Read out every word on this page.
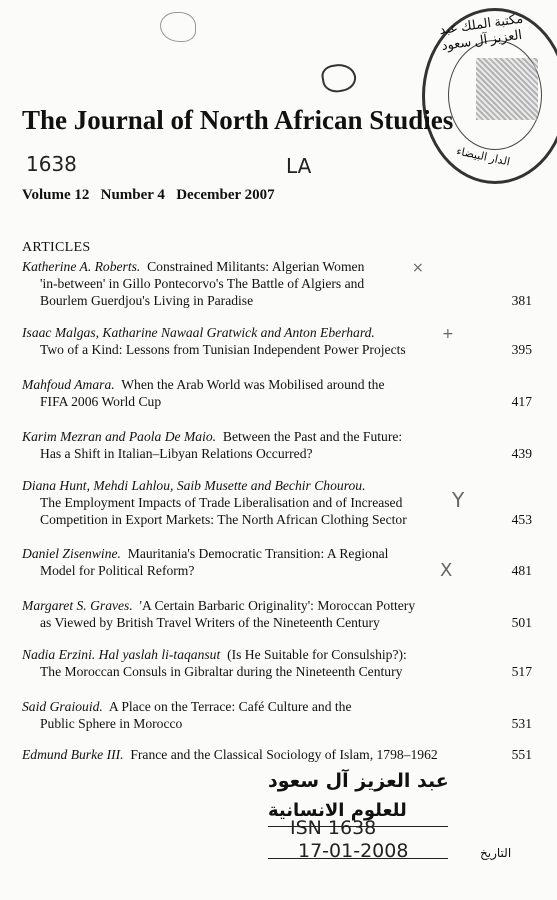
مكتبة الملك عبد العزيز آل سعود
الدار البيضاء
The Journal of North African Studies
1638	LA
Volume 12 Number 4 December 2007
ARTICLES
Katherine A. Roberts. Constrained Militants: Algerian Women
'in-between' in Gillo Pontecorvo's The Battle of Algiers and
Bourlem Guerdjou's Living in Paradise	381
Isaac Malgas, Katharine Nawaal Gratwick and Anton Eberhard.
Two of a Kind: Lessons from Tunisian Independent Power Projects	395
Mahfoud Amara. When the Arab World was Mobilised around the
FIFA 2006 World Cup	417
Karim Mezran and Paola De Maio. Between the Past and the Future:
Has a Shift in Italian–Libyan Relations Occurred?	439
Diana Hunt, Mehdi Lahlou, Saib Musette and Bechir Chourou.
The Employment Impacts of Trade Liberalisation and of Increased
Competition in Export Markets: The North African Clothing Sector	453
Daniel Zisenwine. Mauritania's Democratic Transition: A Regional
Model for Political Reform?	481
Margaret S. Graves. 'A Certain Barbaric Originality': Moroccan Pottery
as Viewed by British Travel Writers of the Nineteenth Century	501
Nadia Erzini. Hal yaslah li-taqansut (Is He Suitable for Consulship?):
The Moroccan Consuls in Gibraltar during the Nineteenth Century	517
Said Graiouid. A Place on the Terrace: Café Culture and the
Public Sphere in Morocco	531
Edmund Burke III. France and the Classical Sociology of Islam, 1798–1962	551
×
+
Y
X
عبد العزيز آل سعود
للعلوم الانسانية
ISN 1638
17-01-2008	التاريخ
